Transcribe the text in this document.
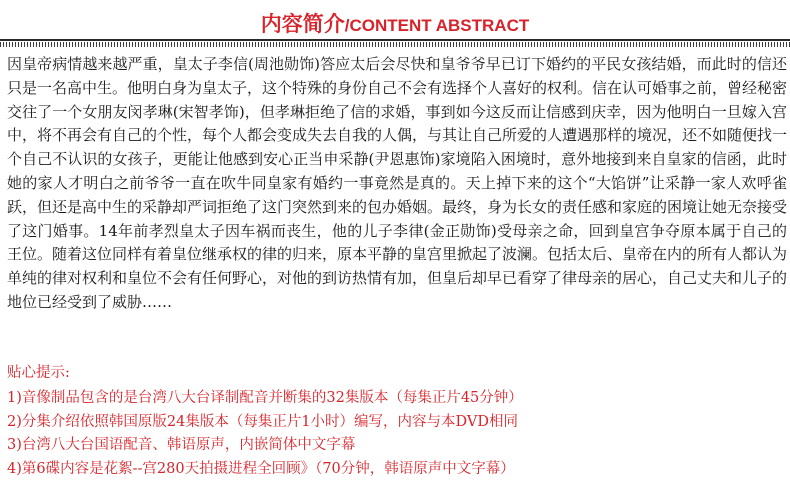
内容简介/CONTENT ABSTRACT

因皇帝病情越来越严重，皇太子李信(周池勋饰)答应太后会尽快和皇爷爷早已订下婚约的平民女孩结婚，而此时的信还只是一名高中生。他明白身为皇太子，这个特殊的身份自己不会有选择个人喜好的权利。信在认可婚事之前，曾经秘密交往了一个女朋友闵孝琳(宋智孝饰)，但孝琳拒绝了信的求婚，事到如今这反而让信感到庆幸，因为他明白一旦嫁入宫中，将不再会有自己的个性，每个人都会变成失去自我的人偶，与其让自己所爱的人遭遇那样的境况，还不如随便找一个自己不认识的女孩子，更能让他感到安心正当申采静(尹恩惠饰)家境陷入困境时，意外地接到来自皇家的信函，此时她的家人才明白之前爷爷一直在吹牛同皇家有婚约一事竟然是真的。天上掉下来的这个“大馅饼”让采静一家人欢呼雀跃，但还是高中生的采静却严词拒绝了这门突然到来的包办婚姻。最终，身为长女的责任感和家庭的困境让她无奈接受了这门婚事。14年前孝烈皇太子因车祸而丧生，他的儿子李律(金正勋饰)受母亲之命，回到皇宫争夺原本属于自己的王位。随着这位同样有着皇位继承权的律的归来，原本平静的皇宫里掀起了波澜。包括太后、皇帝在内的所有人都认为单纯的律对权利和皇位不会有任何野心，对他的到访热情有加，但皇后却早已看穿了律母亲的居心，自己丈夫和儿子的地位已经受到了威胁……

贴心提示:
1)音像制品包含的是台湾八大台译制配音并断集的32集版本（每集正片45分钟）
2)分集介绍依照韩国原版24集版本（每集正片1小时）编写，内容与本DVD相同
3)台湾八大台国语配音、韩语原声，内嵌简体中文字幕
4)第6碟内容是花絮--宫280天拍摄进程全回顾》（70分钟，韩语原声中文字幕）
